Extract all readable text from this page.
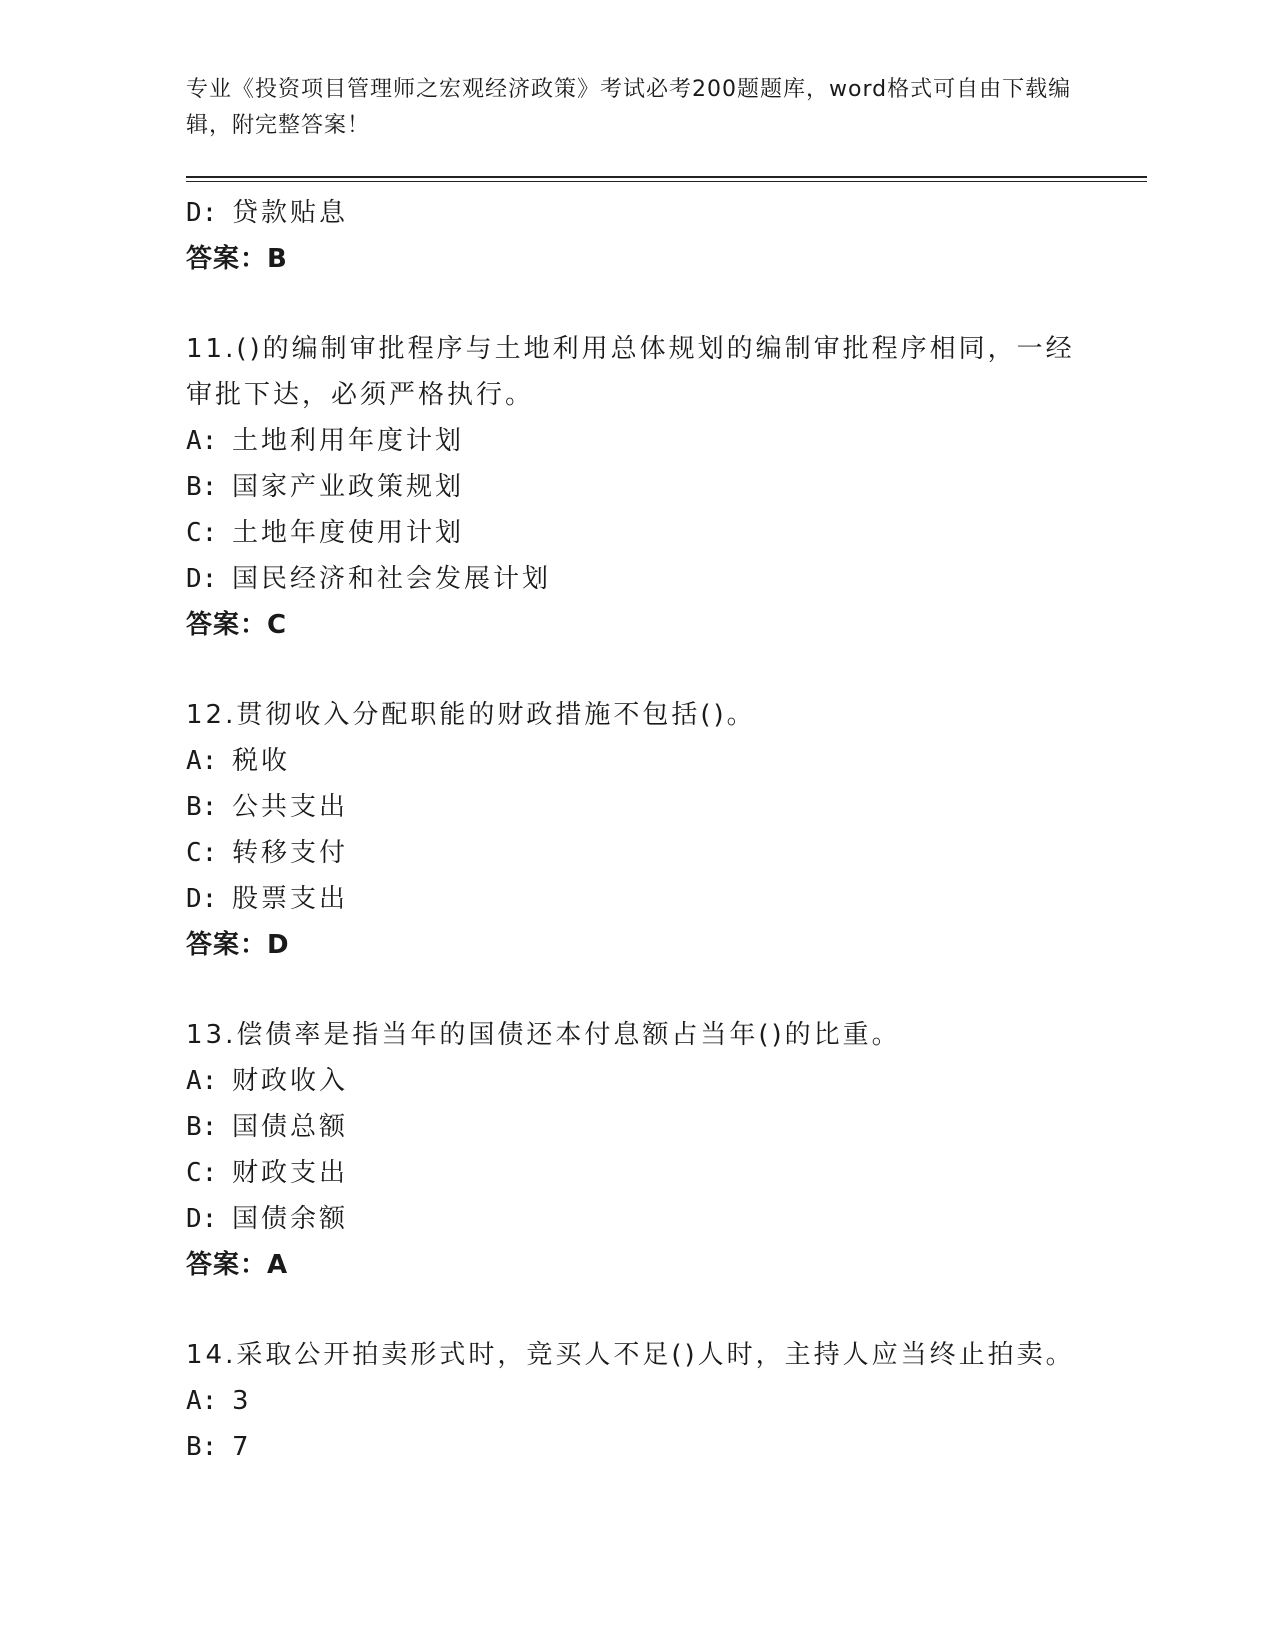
专业《投资项目管理师之宏观经济政策》考试必考200题题库，word格式可自由下载编辑，附完整答案！
D: 贷款贴息
答案：B
11.()的编制审批程序与土地利用总体规划的编制审批程序相同，一经审批下达，必须严格执行。
A: 土地利用年度计划
B: 国家产业政策规划
C: 土地年度使用计划
D: 国民经济和社会发展计划
答案：C
12.贯彻收入分配职能的财政措施不包括()。
A: 税收
B: 公共支出
C: 转移支付
D: 股票支出
答案：D
13.偿债率是指当年的国债还本付息额占当年()的比重。
A: 财政收入
B: 国债总额
C: 财政支出
D: 国债余额
答案：A
14.采取公开拍卖形式时，竞买人不足()人时，主持人应当终止拍卖。
A: 3
B: 7
